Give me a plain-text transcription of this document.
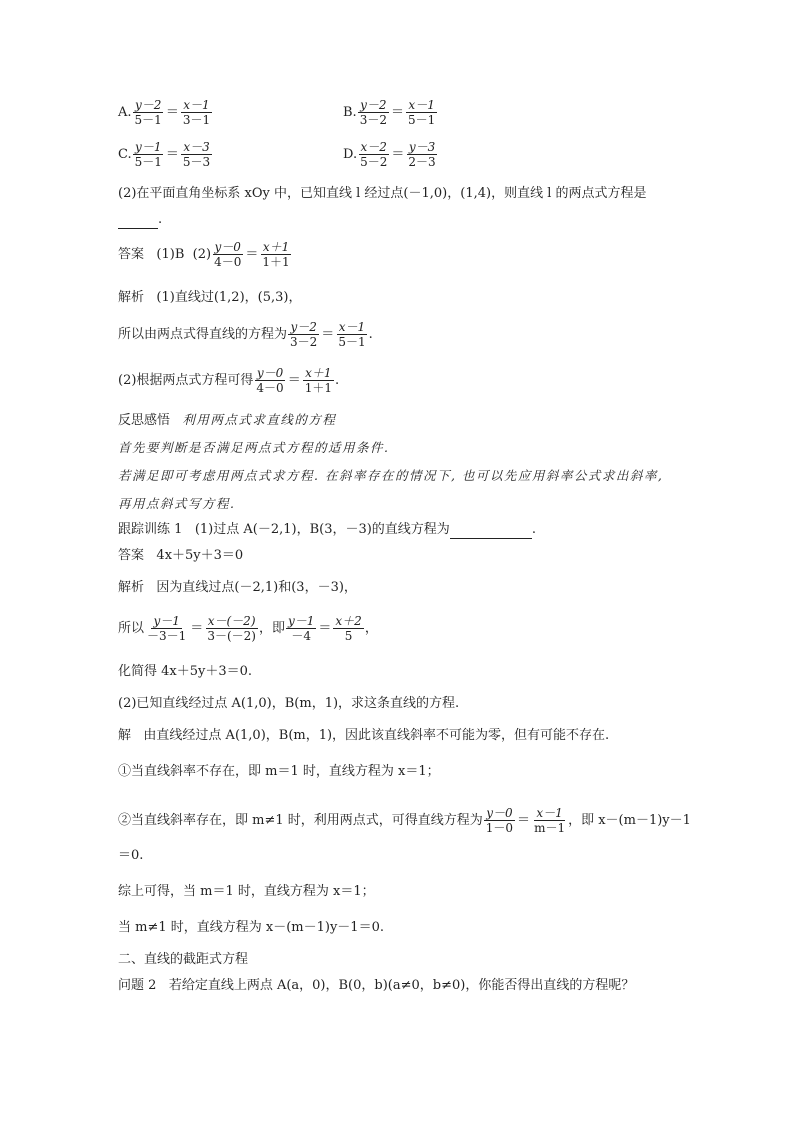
A. $\frac{y-2}{5-1} = \frac{x-1}{3-1}$	B. $\frac{y-2}{3-2} = \frac{x-1}{5-1}$
C. $\frac{y-1}{5-1} = \frac{x-3}{5-3}$	D. $\frac{x-2}{5-2} = \frac{y-3}{2-3}$
(2)在平面直角坐标系 xOy 中，已知直线 l 经过点(－1,0)，(1,4)，则直线 l 的两点式方程是
.
答案 (1)B $(2) \frac{y-0}{4-0} = \frac{x+1}{1+1}$
解析 (1)直线过(1,2)，(5,3)，
所以由两点式得直线的方程为 $\frac{y-2}{3-2} = \frac{x-1}{5-1}$ .
(2)根据两点式方程可得 $\frac{y-0}{4-0} = \frac{x+1}{1+1}$ .
反思感悟 利用两点式求直线的方程
首先要判断是否满足两点式方程的适用条件.
若满足即可考虑用两点式求方程. 在斜率存在的情况下, 也可以先应用斜率公式求出斜率,
再用点斜式写方程.
跟踪训练 1 (1)过点 A(－2,1)，B(3，－3)的直线方程为	.
答案 4x＋5y＋3＝0
解析 因为直线过点(－2,1)和(3，－3)，
所以 $\frac{y-1}{-3-1} = \frac{x-(-2)}{3-(-2)}$ ，即 $\frac{y-1}{-4} = \frac{x+2}{5}$ ，
化简得 4x＋5y＋3＝0.
(2)已知直线经过点 A(1,0)，B(m，1)，求这条直线的方程.
解 由直线经过点 A(1,0)，B(m，1)，因此该直线斜率不可能为零，但有可能不存在.
①当直线斜率不存在，即 m＝1 时，直线方程为 x＝1；
②当直线斜率存在，即 m≠1 时，利用两点式，可得直线方程为 $\frac{y-0}{1-0} = \frac{x-1}{m-1}$ ，即 x－(m－1)y－1
＝0.
综上可得，当 m＝1 时，直线方程为 x＝1；
当 m≠1 时，直线方程为 x－(m－1)y－1＝0.
二、直线的截距式方程
问题 2 若给定直线上两点 A(a，0)，B(0，b)(a≠0，b≠0)，你能否得出直线的方程呢？
